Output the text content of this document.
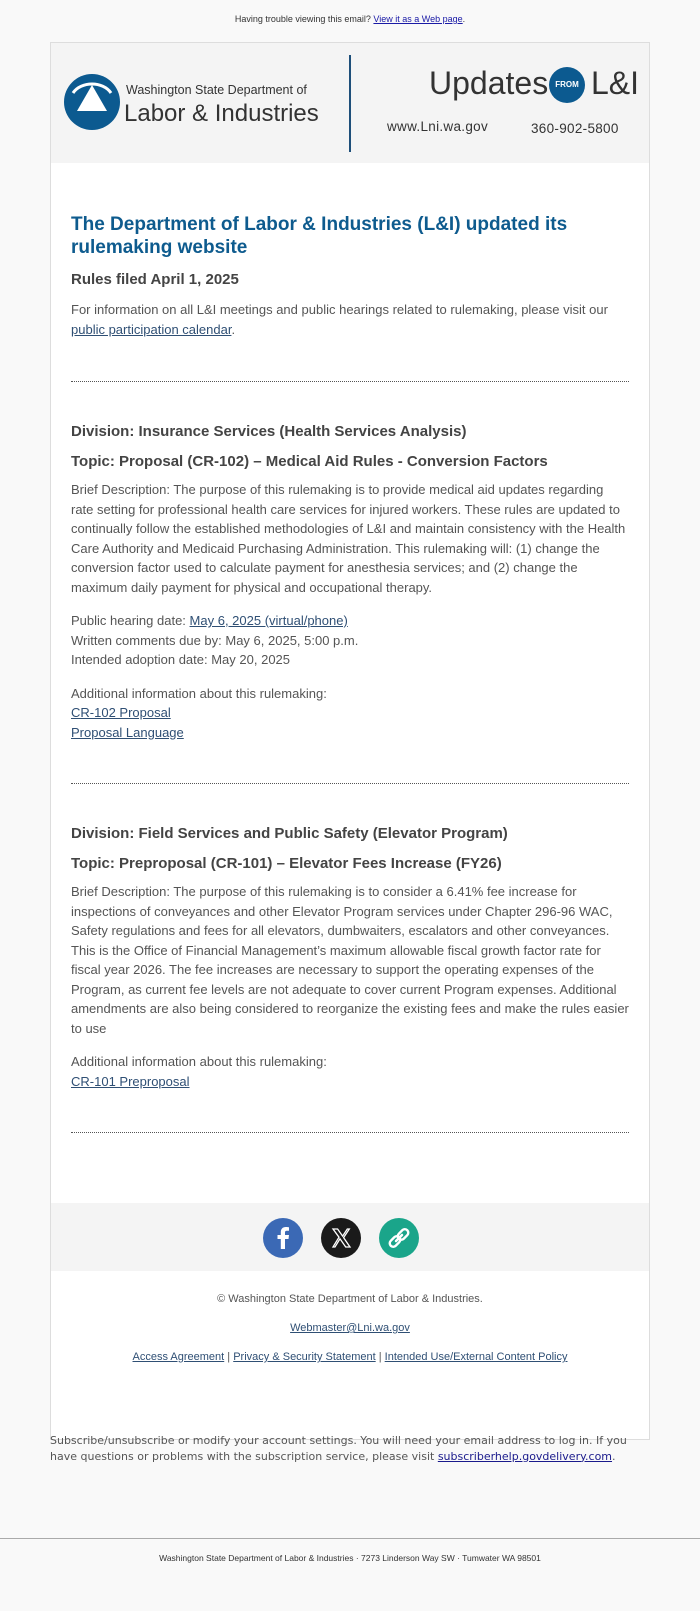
Having trouble viewing this email? View it as a Web page.
Washington State Department of
Labor & Industries
Updates FROM L&I
www.Lni.wa.gov	360-902-5800
The Department of Labor & Industries (L&I) updated its rulemaking website
Rules filed April 1, 2025

For information on all L&I meetings and public hearings related to rulemaking, please visit our public participation calendar.

Division: Insurance Services (Health Services Analysis)
Topic: Proposal (CR-102) – Medical Aid Rules - Conversion Factors

Brief Description: The purpose of this rulemaking is to provide medical aid updates regarding rate setting for professional health care services for injured workers. These rules are updated to continually follow the established methodologies of L&I and maintain consistency with the Health Care Authority and Medicaid Purchasing Administration. This rulemaking will: (1) change the conversion factor used to calculate payment for anesthesia services; and (2) change the maximum daily payment for physical and occupational therapy.

Public hearing date: May 6, 2025 (virtual/phone)
Written comments due by: May 6, 2025, 5:00 p.m.
Intended adoption date: May 20, 2025
Additional information about this rulemaking:
CR-102 Proposal
Proposal Language
Division: Field Services and Public Safety (Elevator Program)
Topic: Preproposal (CR-101) – Elevator Fees Increase (FY26)

Brief Description: The purpose of this rulemaking is to consider a 6.41% fee increase for inspections of conveyances and other Elevator Program services under Chapter 296-96 WAC, Safety regulations and fees for all elevators, dumbwaiters, escalators and other conveyances. This is the Office of Financial Management’s maximum allowable fiscal growth factor rate for fiscal year 2026. The fee increases are necessary to support the operating expenses of the Program, as current fee levels are not adequate to cover current Program expenses. Additional amendments are also being considered to reorganize the existing fees and make the rules easier to use

Additional information about this rulemaking:
CR-101 Preproposal
© Washington State Department of Labor & Industries.
Webmaster@Lni.wa.gov
Access Agreement | Privacy & Security Statement | Intended Use/External Content Policy
Subscribe/unsubscribe or modify your account settings. You will need your email address to log in. If you have questions or problems with the subscription service, please visit subscriberhelp.govdelivery.com.
Washington State Department of Labor & Industries · 7273 Linderson Way SW · Tumwater WA 98501
